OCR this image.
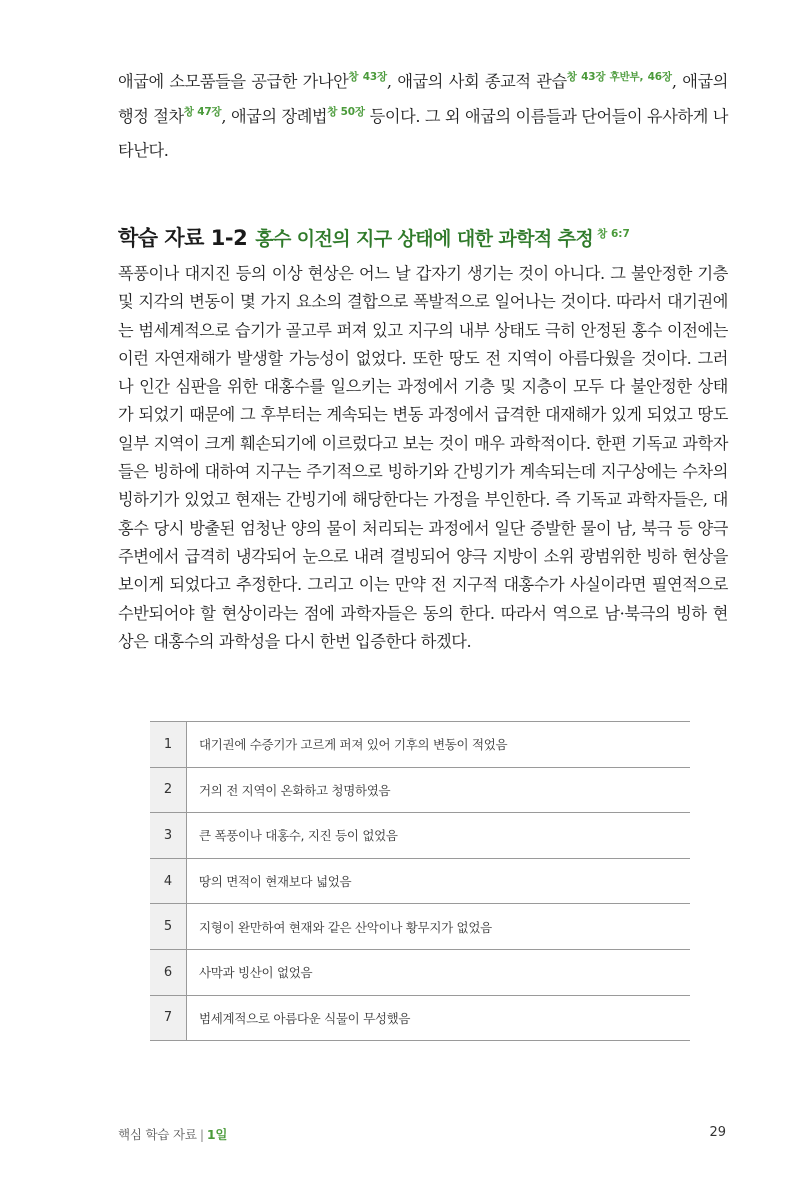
애굽에 소모품들을 공급한 가나안$^{창 43장}$, 애굽의 사회 종교적 관습$^{창 43장 후반부, 46장}$, 애굽의 행정 절차$^{창 47장}$, 애굽의 장례법$^{창 50장}$ 등이다. 그 외 애굽의 이름들과 단어들이 유사하게 나타난다.
학습 자료 1-2 홍수 이전의 지구 상태에 대한 과학적 추정 $^{창 6:7}$
폭풍이나 대지진 등의 이상 현상은 어느 날 갑자기 생기는 것이 아니다. 그 불안정한 기층 및 지각의 변동이 몇 가지 요소의 결합으로 폭발적으로 일어나는 것이다. 따라서 대기권에는 범세계적으로 습기가 골고루 퍼져 있고 지구의 내부 상태도 극히 안정된 홍수 이전에는 이런 자연재해가 발생할 가능성이 없었다. 또한 땅도 전 지역이 아름다웠을 것이다. 그러나 인간 심판을 위한 대홍수를 일으키는 과정에서 기층 및 지층이 모두 다 불안정한 상태가 되었기 때문에 그 후부터는 계속되는 변동 과정에서 급격한 대재해가 있게 되었고 땅도 일부 지역이 크게 훼손되기에 이르렀다고 보는 것이 매우 과학적이다. 한편 기독교 과학자들은 빙하에 대하여 지구는 주기적으로 빙하기와 간빙기가 계속되는데 지구상에는 수차의 빙하기가 있었고 현재는 간빙기에 해당한다는 가정을 부인한다. 즉 기독교 과학자들은, 대홍수 당시 방출된 엄청난 양의 물이 처리되는 과정에서 일단 증발한 물이 남, 북극 등 양극 주변에서 급격히 냉각되어 눈으로 내려 결빙되어 양극 지방이 소위 광범위한 빙하 현상을 보이게 되었다고 추정한다. 그리고 이는 만약 전 지구적 대홍수가 사실이라면 필연적으로 수반되어야 할 현상이라는 점에 과학자들은 동의 한다. 따라서 역으로 남·북극의 빙하 현상은 대홍수의 과학성을 다시 한번 입증한다 하겠다.
1	대기권에 수증기가 고르게 퍼져 있어 기후의 변동이 적었음
2	거의 전 지역이 온화하고 청명하였음
3	큰 폭풍이나 대홍수, 지진 등이 없었음
4	땅의 면적이 현재보다 넓었음
5	지형이 완만하여 현재와 같은 산악이나 황무지가 없었음
6	사막과 빙산이 없었음
7	범세계적으로 아름다운 식물이 무성했음
핵심 학습 자료 | 1일	29
